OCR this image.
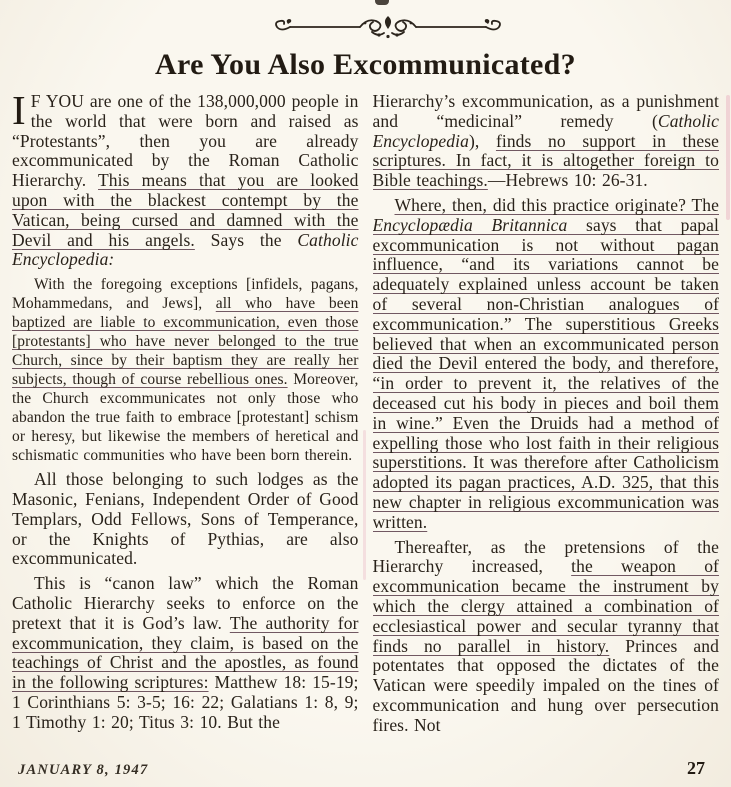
Are You Also Excommunicated?

I F YOU are one of the 138,000,000 people in the world that were born and raised as “Protestants”, then you are already excommunicated by the Roman Catholic Hierarchy. This means that you are looked upon with the blackest contempt by the Vatican, being cursed and damned with the Devil and his angels. Says the Catholic Encyclopedia:

With the foregoing exceptions [infidels, pagans, Mohammedans, and Jews], all who have been baptized are liable to excommunication, even those [protestants] who have never belonged to the true Church, since by their baptism they are really her subjects, though of course rebellious ones. Moreover, the Church excommunicates not only those who abandon the true faith to embrace [protestant] schism or heresy, but likewise the members of heretical and schismatic communities who have been born therein.

All those belonging to such lodges as the Masonic, Fenians, Independent Order of Good Templars, Odd Fellows, Sons of Temperance, or the Knights of Pythias, are also excommunicated.

This is “canon law” which the Roman Catholic Hierarchy seeks to enforce on the pretext that it is God’s law. The authority for excommunication, they claim, is based on the teachings of Christ and the apostles, as found in the following scriptures: Matthew 18: 15-19; 1 Corinthians 5: 3-5; 16: 22; Galatians 1: 8, 9; 1 Timothy 1: 20; Titus 3: 10. But the

Hierarchy’s excommunication, as a punishment and “medicinal” remedy (Catholic Encyclopedia), finds no support in these scriptures. In fact, it is altogether foreign to Bible teachings.—Hebrews 10: 26-31.

Where, then, did this practice originate? The Encyclopædia Britannica says that papal excommunication is not without pagan influence, “and its variations cannot be adequately explained unless account be taken of several non-Christian analogues of excommunication.” The superstitious Greeks believed that when an excommunicated person died the Devil entered the body, and therefore, “in order to prevent it, the relatives of the deceased cut his body in pieces and boil them in wine.” Even the Druids had a method of expelling those who lost faith in their religious superstitions. It was therefore after Catholicism adopted its pagan practices, A.D. 325, that this new chapter in religious excommunication was written.

Thereafter, as the pretensions of the Hierarchy increased, the weapon of excommunication became the instrument by which the clergy attained a combination of ecclesiastical power and secular tyranny that finds no parallel in history. Princes and potentates that opposed the dictates of the Vatican were speedily impaled on the tines of excommunication and hung over persecution fires. Not

JANUARY 8, 1947	27
